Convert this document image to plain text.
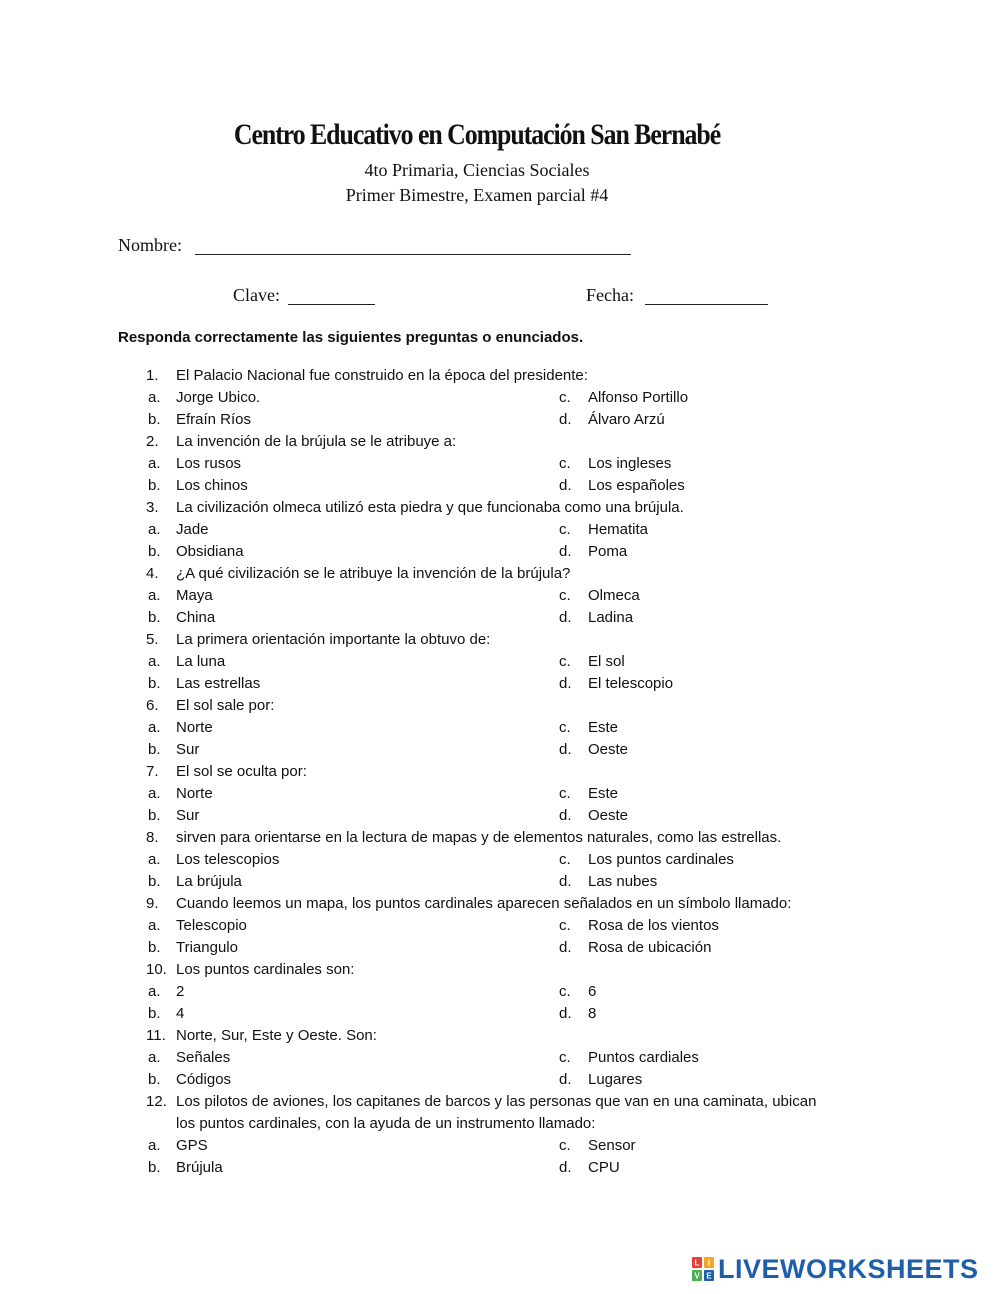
Centro Educativo en Computación San Bernabé
4to Primaria, Ciencias Sociales
Primer Bimestre, Examen parcial #4
Nombre:
Clave:	Fecha:
Responda correctamente las siguientes preguntas o enunciados.
1. El Palacio Nacional fue construido en la época del presidente:
a. Jorge Ubico.	c. Alfonso Portillo
b. Efraín Ríos	d. Álvaro Arzú
2. La invención de la brújula se le atribuye a:
a. Los rusos	c. Los ingleses
b. Los chinos	d. Los españoles
3. La civilización olmeca utilizó esta piedra y que funcionaba como una brújula.
a. Jade	c. Hematita
b. Obsidiana	d. Poma
4. ¿A qué civilización se le atribuye la invención de la brújula?
a. Maya	c. Olmeca
b. China	d. Ladina
5. La primera orientación importante la obtuvo de:
a. La luna	c. El sol
b. Las estrellas	d. El telescopio
6. El sol sale por:
a. Norte	c. Este
b. Sur	d. Oeste
7. El sol se oculta por:
a. Norte	c. Este
b. Sur	d. Oeste
8. sirven para orientarse en la lectura de mapas y de elementos naturales, como las estrellas.
a. Los telescopios	c. Los puntos cardinales
b. La brújula	d. Las nubes
9. Cuando leemos un mapa, los puntos cardinales aparecen señalados en un símbolo llamado:
a. Telescopio	c. Rosa de los vientos
b. Triangulo	d. Rosa de ubicación
10. Los puntos cardinales son:
a. 2	c. 6
b. 4	d. 8
11. Norte, Sur, Este y Oeste. Son:
a. Señales	c. Puntos cardiales
b. Códigos	d. Lugares
12. Los pilotos de aviones, los capitanes de barcos y las personas que van en una caminata, ubican
los puntos cardinales, con la ayuda de un instrumento llamado:
a. GPS	c. Sensor
b. Brújula	d. CPU
L I
V E LIVEWORKSHEETS
